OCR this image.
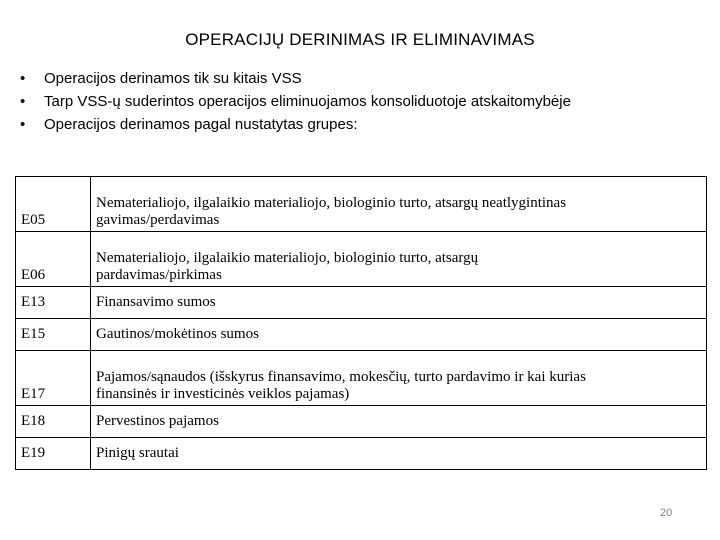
OPERACIJŲ DERINIMAS IR ELIMINAVIMAS
•	Operacijos derinamos tik su kitais VSS
•	Tarp VSS-ų suderintos operacijos eliminuojamos konsoliduotoje atskaitomybėje
•	Operacijos derinamos pagal nustatytas grupes:
E05	Nematerialiojo, ilgalaikio materialiojo, biologinio turto, atsargų neatlygintinas
gavimas/perdavimas

E06	Nematerialiojo, ilgalaikio materialiojo, biologinio turto, atsargų
pardavimas/pirkimas

E13	Finansavimo sumos

E15	Gautinos/mokėtinos sumos

E17	Pajamos/sąnaudos (išskyrus finansavimo, mokesčių, turto pardavimo ir kai kurias
finansinės ir investicinės veiklos pajamas)

E18	Pervestinos pajamos

E19	Pinigų srautai
20
